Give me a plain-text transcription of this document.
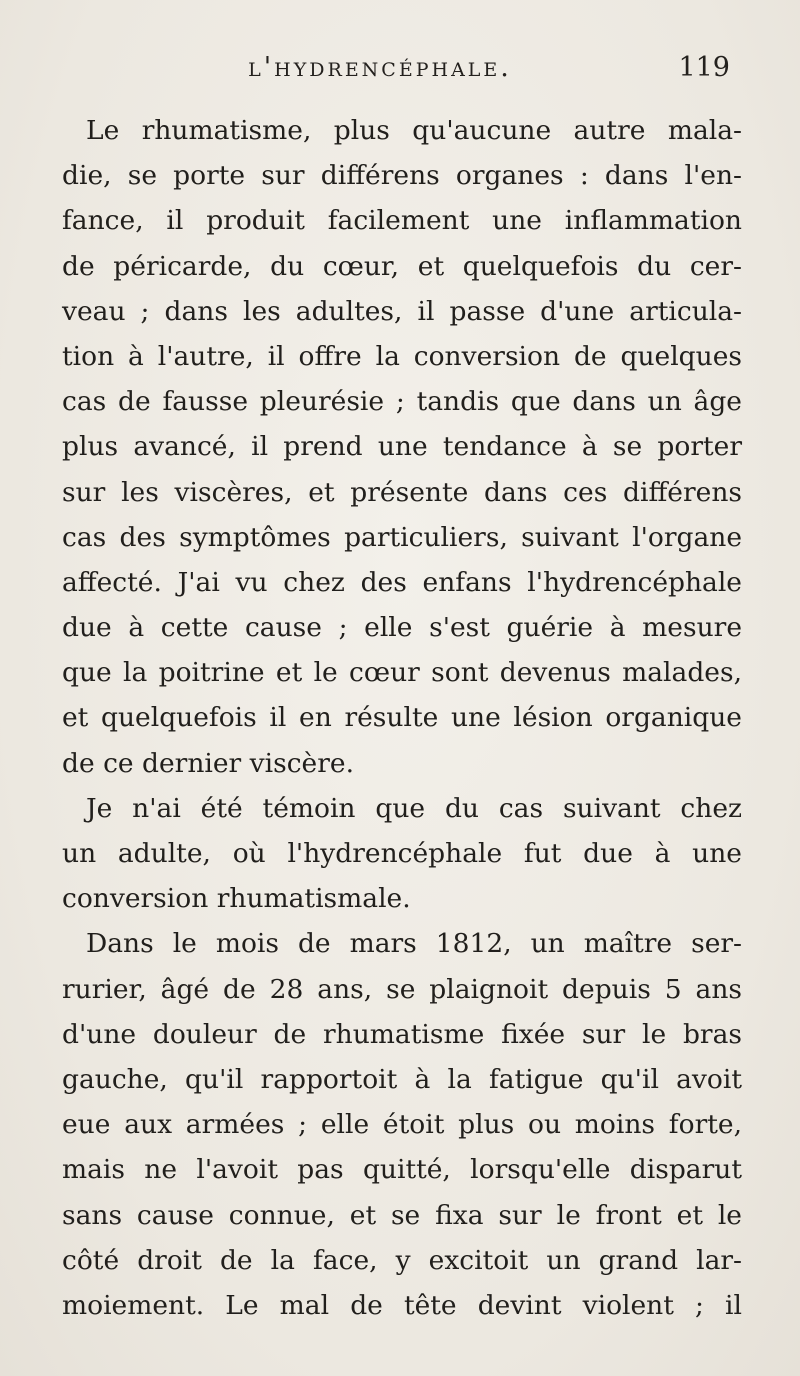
l'hydrencéphale.	119
Le rhumatisme, plus qu'aucune autre mala-
die, se porte sur différens organes : dans l'en-
fance, il produit facilement une inflammation
de péricarde, du cœur, et quelquefois du cer-
veau ; dans les adultes, il passe d'une articula-
tion à l'autre, il offre la conversion de quelques
cas de fausse pleurésie ; tandis que dans un âge
plus avancé, il prend une tendance à se porter
sur les viscères, et présente dans ces différens
cas des symptômes particuliers, suivant l'organe
affecté. J'ai vu chez des enfans l'hydrencéphale
due à cette cause ; elle s'est guérie à mesure
que la poitrine et le cœur sont devenus malades,
et quelquefois il en résulte une lésion organique
de ce dernier viscère.
Je n'ai été témoin que du cas suivant chez
un adulte, où l'hydrencéphale fut due à une
conversion rhumatismale.
Dans le mois de mars 1812, un maître ser-
rurier, âgé de 28 ans, se plaignoit depuis 5 ans
d'une douleur de rhumatisme fixée sur le bras
gauche, qu'il rapportoit à la fatigue qu'il avoit
eue aux armées ; elle étoit plus ou moins forte,
mais ne l'avoit pas quitté, lorsqu'elle disparut
sans cause connue, et se fixa sur le front et le
côté droit de la face, y excitoit un grand lar-
moiement. Le mal de tête devint violent ; il
